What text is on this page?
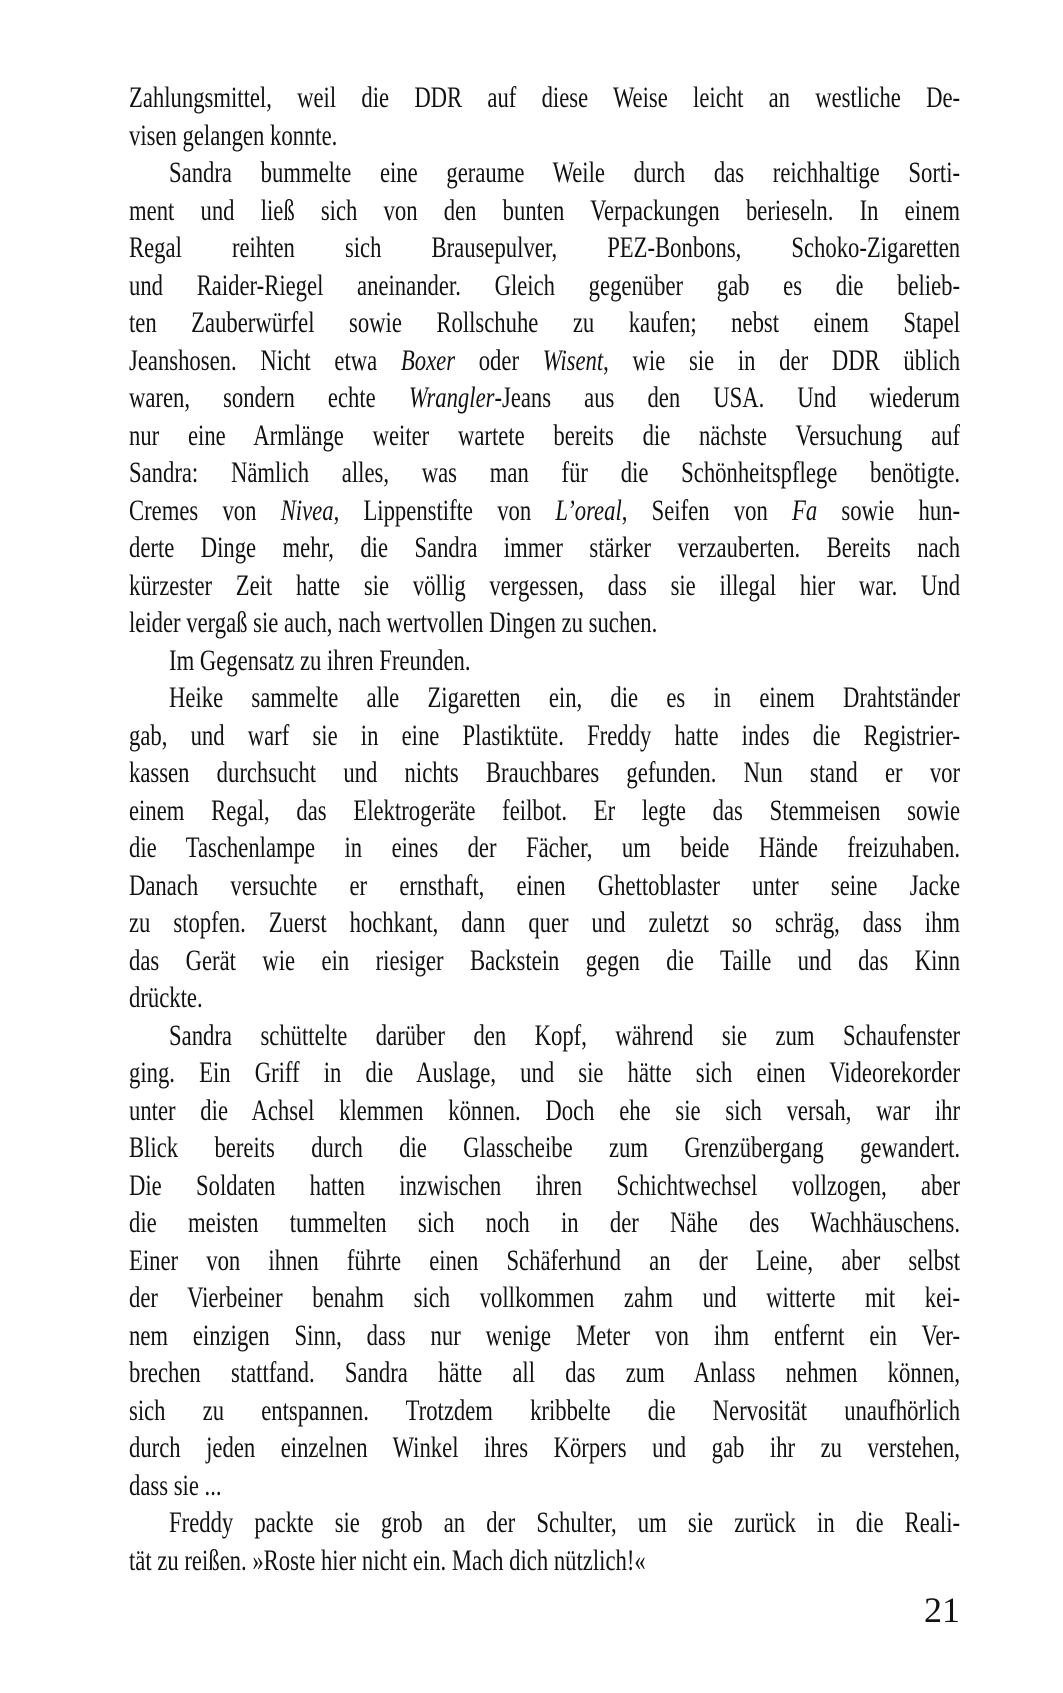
Zahlungsmittel, weil die DDR auf diese Weise leicht an westliche De-
visen gelangen konnte.
Sandra bummelte eine geraume Weile durch das reichhaltige Sorti-
ment und ließ sich von den bunten Verpackungen berieseln. In einem
Regal reihten sich Brausepulver, PEZ-Bonbons, Schoko-Zigaretten
und Raider-Riegel aneinander. Gleich gegenüber gab es die belieb-
ten Zauberwürfel sowie Rollschuhe zu kaufen; nebst einem Stapel
Jeanshosen. Nicht etwa Boxer oder Wisent, wie sie in der DDR üblich
waren, sondern echte Wrangler-Jeans aus den USA. Und wiederum
nur eine Armlänge weiter wartete bereits die nächste Versuchung auf
Sandra: Nämlich alles, was man für die Schönheitspflege benötigte.
Cremes von Nivea, Lippenstifte von L’oreal, Seifen von Fa sowie hun-
derte Dinge mehr, die Sandra immer stärker verzauberten. Bereits nach
kürzester Zeit hatte sie völlig vergessen, dass sie illegal hier war. Und
leider vergaß sie auch, nach wertvollen Dingen zu suchen.
Im Gegensatz zu ihren Freunden.
Heike sammelte alle Zigaretten ein, die es in einem Drahtständer
gab, und warf sie in eine Plastiktüte. Freddy hatte indes die Registrier-
kassen durchsucht und nichts Brauchbares gefunden. Nun stand er vor
einem Regal, das Elektrogeräte feilbot. Er legte das Stemmeisen sowie
die Taschenlampe in eines der Fächer, um beide Hände freizuhaben.
Danach versuchte er ernsthaft, einen Ghettoblaster unter seine Jacke
zu stopfen. Zuerst hochkant, dann quer und zuletzt so schräg, dass ihm
das Gerät wie ein riesiger Backstein gegen die Taille und das Kinn
drückte.
Sandra schüttelte darüber den Kopf, während sie zum Schaufenster
ging. Ein Griff in die Auslage, und sie hätte sich einen Videorekorder
unter die Achsel klemmen können. Doch ehe sie sich versah, war ihr
Blick bereits durch die Glasscheibe zum Grenzübergang gewandert.
Die Soldaten hatten inzwischen ihren Schichtwechsel vollzogen, aber
die meisten tummelten sich noch in der Nähe des Wachhäuschens.
Einer von ihnen führte einen Schäferhund an der Leine, aber selbst
der Vierbeiner benahm sich vollkommen zahm und witterte mit kei-
nem einzigen Sinn, dass nur wenige Meter von ihm entfernt ein Ver-
brechen stattfand. Sandra hätte all das zum Anlass nehmen können,
sich zu entspannen. Trotzdem kribbelte die Nervosität unaufhörlich
durch jeden einzelnen Winkel ihres Körpers und gab ihr zu verstehen,
dass sie ...
Freddy packte sie grob an der Schulter, um sie zurück in die Reali-
tät zu reißen. »Roste hier nicht ein. Mach dich nützlich!«
21
